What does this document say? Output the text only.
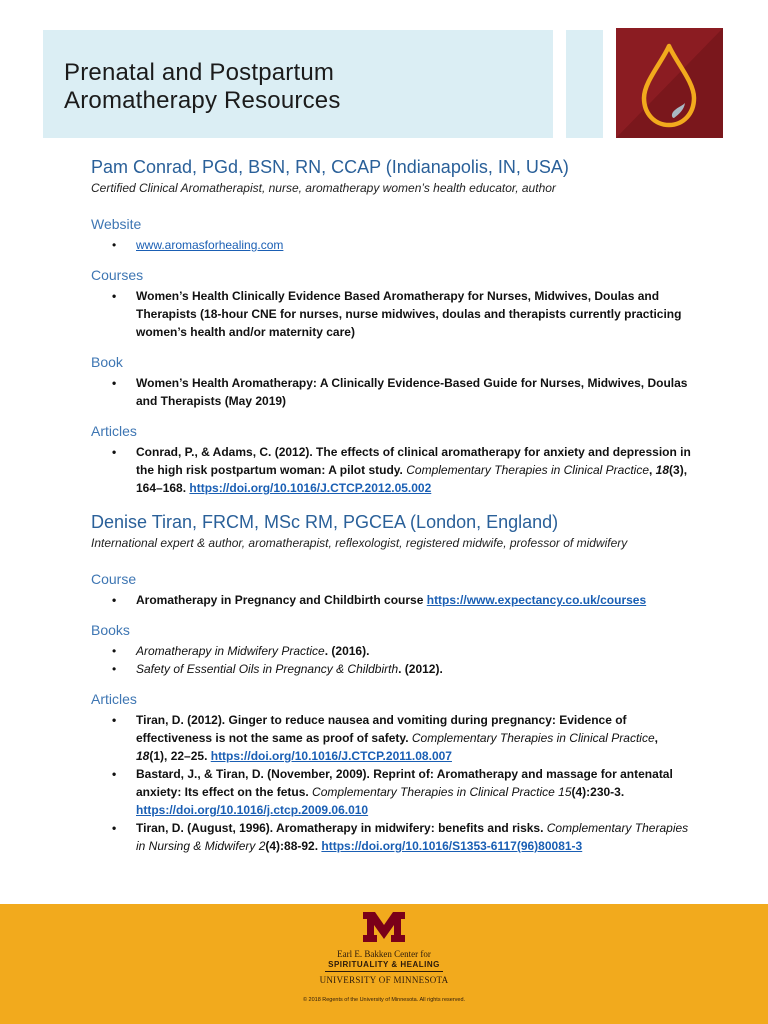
Prenatal and Postpartum
Aromatherapy Resources

Pam Conrad, PGd, BSN, RN, CCAP (Indianapolis, IN, USA)

Certified Clinical Aromatherapist, nurse, aromatherapy women’s health educator, author

Website
• www.aromasforhealing.com
Courses
• Women’s Health Clinically Evidence Based Aromatherapy for Nurses, Midwives, Doulas and Therapists (18-hour CNE for nurses, nurse midwives, doulas and therapists currently practicing women’s health and/or maternity care)
Book
• Women’s Health Aromatherapy: A Clinically Evidence-Based Guide for Nurses, Midwives, Doulas and Therapists (May 2019)
Articles
• Conrad, P., & Adams, C. (2012). The effects of clinical aromatherapy for anxiety and depression in the high risk postpartum woman: A pilot study. Complementary Therapies in Clinical Practice, 18(3), 164–168. https://doi.org/10.1016/J.CTCP.2012.05.002

Denise Tiran, FRCM, MSc RM, PGCEA (London, England)

International expert & author, aromatherapist, reflexologist, registered midwife, professor of midwifery

Course
• Aromatherapy in Pregnancy and Childbirth course https://www.expectancy.co.uk/courses
Books
• Aromatherapy in Midwifery Practice. (2016).
• Safety of Essential Oils in Pregnancy & Childbirth. (2012).
Articles
• Tiran, D. (2012). Ginger to reduce nausea and vomiting during pregnancy: Evidence of effectiveness is not the same as proof of safety. Complementary Therapies in Clinical Practice, 18(1), 22–25. https://doi.org/10.1016/J.CTCP.2011.08.007
• Bastard, J., & Tiran, D. (November, 2009). Reprint of: Aromatherapy and massage for antenatal anxiety: Its effect on the fetus. Complementary Therapies in Clinical Practice 15(4):230-3. https://doi.org/10.1016/j.ctcp.2009.06.010
• Tiran, D. (August, 1996). Aromatherapy in midwifery: benefits and risks. Complementary Therapies in Nursing & Midwifery 2(4):88-92. https://doi.org/10.1016/S1353-6117(96)80081-3
Earl E. Bakken Center for
SPIRITUALITY & HEALING
UNIVERSITY OF MINNESOTA
© 2018 Regents of the University of Minnesota. All rights reserved.
